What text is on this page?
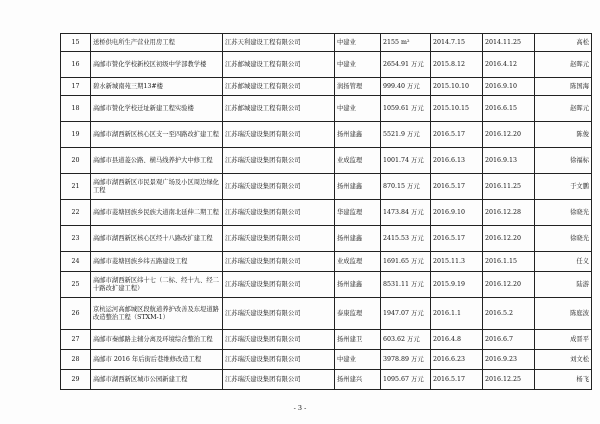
15	送桥供电所生产营业用房工程	江苏天利建设工程有限公司	中建业	2155 m²	2014.7.15	2014.11.25	高松
16	高邮市赞化学校新校区初级中学部教学楼	江苏邮城建设工程有限公司	中建业	2654.91 万元	2015.8.12	2016.4.12	赵晖元
17	碧水新城南苑三期13#楼	江苏邮城建设工程有限公司	润扬管理	999.40 万元	2015.10.10	2016.9.10	陈国海
18	高邮市赞化学校迁址新建工程实验楼	江苏邮城建设工程有限公司	中建业	1059.61 万元	2015.10.15	2016.6.15	赵晖元
19	高邮市湖西新区核心区支一至四路改扩建工程	江苏瑞沃建设集团有限公司	扬州建鑫	5521.9 万元	2016.5.17	2016.12.20	陈俊
20	高邮市县道菱公路、横马线养护大中修工程	江苏瑞沃建设集团有限公司	业成监理	1001.74 万元	2016.6.13	2016.9.13	徐福标
21	高邮市湖西新区市民景观广场及小区周边绿化工程	江苏瑞沃建设集团有限公司	扬州建鑫	870.15 万元	2016.5.17	2016.11.25	于文鹏
22	高邮市菱塘回族乡民族大道南北延伸二期工程	江苏瑞沃建设集团有限公司	华建监理	1473.84 万元	2016.9.10	2016.12.28	徐晓光
23	高邮市湖西新区核心区经十八路改扩建工程	江苏瑞沃建设集团有限公司	扬州建鑫	2415.53 万元	2016.5.17	2016.12.20	徐晓光
24	高邮市菱塘回族乡纬五路建设工程	江苏瑞沃建设集团有限公司	业成监理	1691.65 万元	2015.11.3	2016.1.15	任义
25	高邮市湖西新区纬十七（二标、经十九、经二十路改扩建工程）	江苏瑞沃建设集团有限公司	扬州建鑫	8531.11 万元	2015.9.19	2016.12.20	陆游
26	京杭运河高邮城区段航道养护改善及东堤道路改造整治工程（STXM-1）	江苏瑞沃建设集团有限公司	泰康监理	1947.07 万元	2016.1.1	2016.5.2	陈庭波
27	高邮市秦邮路主辅分离及环境综合整治工程	江苏瑞沃建设集团有限公司	扬州建卫	603.62 万元	2016.4.8	2016.6.7	成晋平
28	高邮市 2016 年后街后巷维修改造工程	江苏瑞沃建设集团有限公司	中建业	3978.89 万元	2016.6.23	2016.9.23	刘文松
29	高邮市湖西新区城市公园新建工程	江苏瑞沃建设集团有限公司	扬州建兴	1095.67 万元	2016.5.17	2016.12.25	杨飞
- 3 -
